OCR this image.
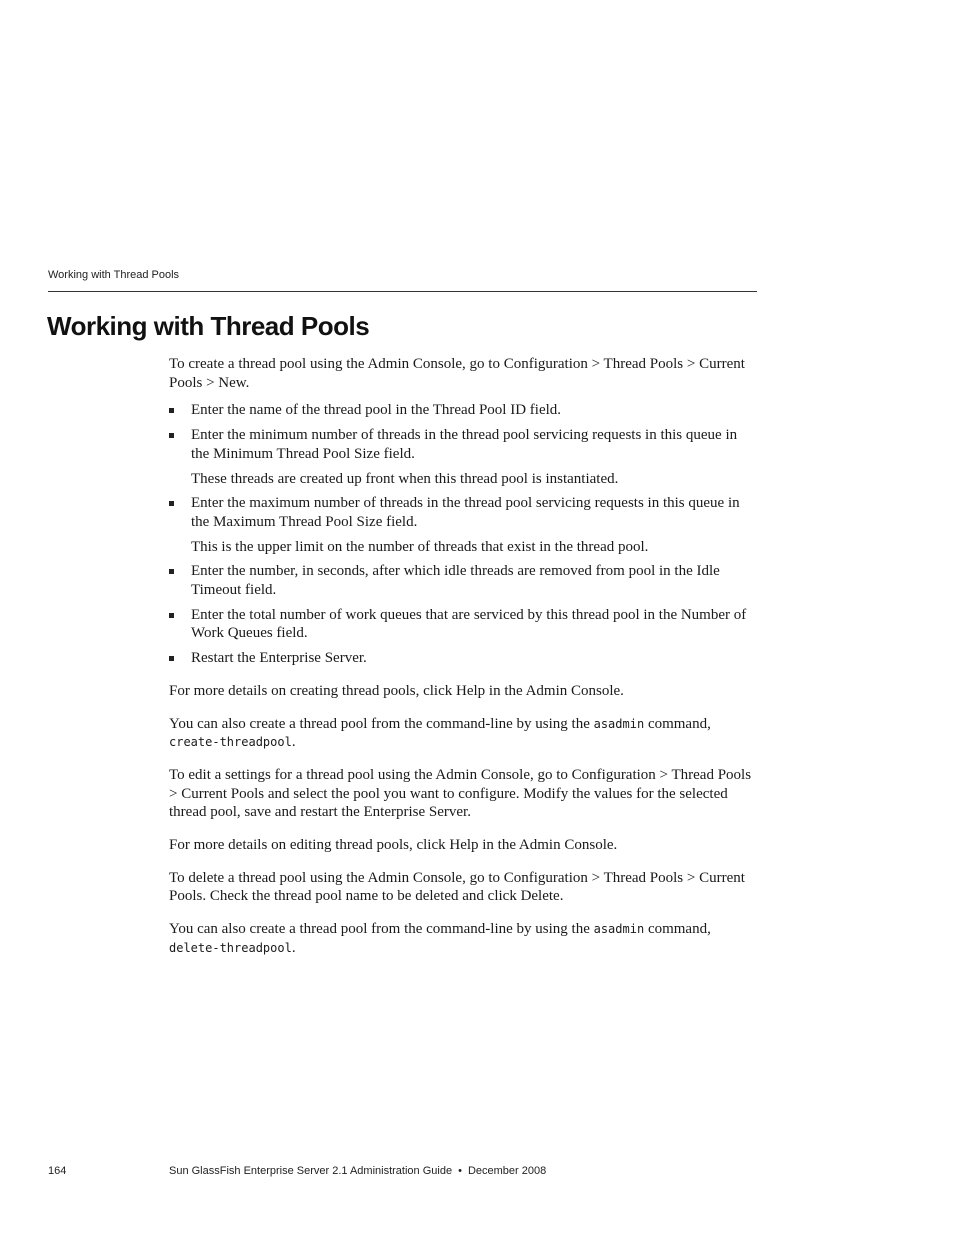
Working with Thread Pools
Working with Thread Pools

To create a thread pool using the Admin Console, go to Configuration > Thread Pools > Current Pools > New.

Enter the name of the thread pool in the Thread Pool ID field.
Enter the minimum number of threads in the thread pool servicing requests in this queue in the Minimum Thread Pool Size field.
These threads are created up front when this thread pool is instantiated.
Enter the maximum number of threads in the thread pool servicing requests in this queue in the Maximum Thread Pool Size field.
This is the upper limit on the number of threads that exist in the thread pool.
Enter the number, in seconds, after which idle threads are removed from pool in the Idle Timeout field.
Enter the total number of work queues that are serviced by this thread pool in the Number of Work Queues field.
Restart the Enterprise Server.

For more details on creating thread pools, click Help in the Admin Console.

You can also create a thread pool from the command-line by using the asadmin command, create-threadpool.

To edit a settings for a thread pool using the Admin Console, go to Configuration > Thread Pools > Current Pools and select the pool you want to configure. Modify the values for the selected thread pool, save and restart the Enterprise Server.

For more details on editing thread pools, click Help in the Admin Console.

To delete a thread pool using the Admin Console, go to Configuration > Thread Pools > Current Pools. Check the thread pool name to be deleted and click Delete.

You can also create a thread pool from the command-line by using the asadmin command, delete-threadpool.

164	Sun GlassFish Enterprise Server 2.1 Administration Guide • December 2008
